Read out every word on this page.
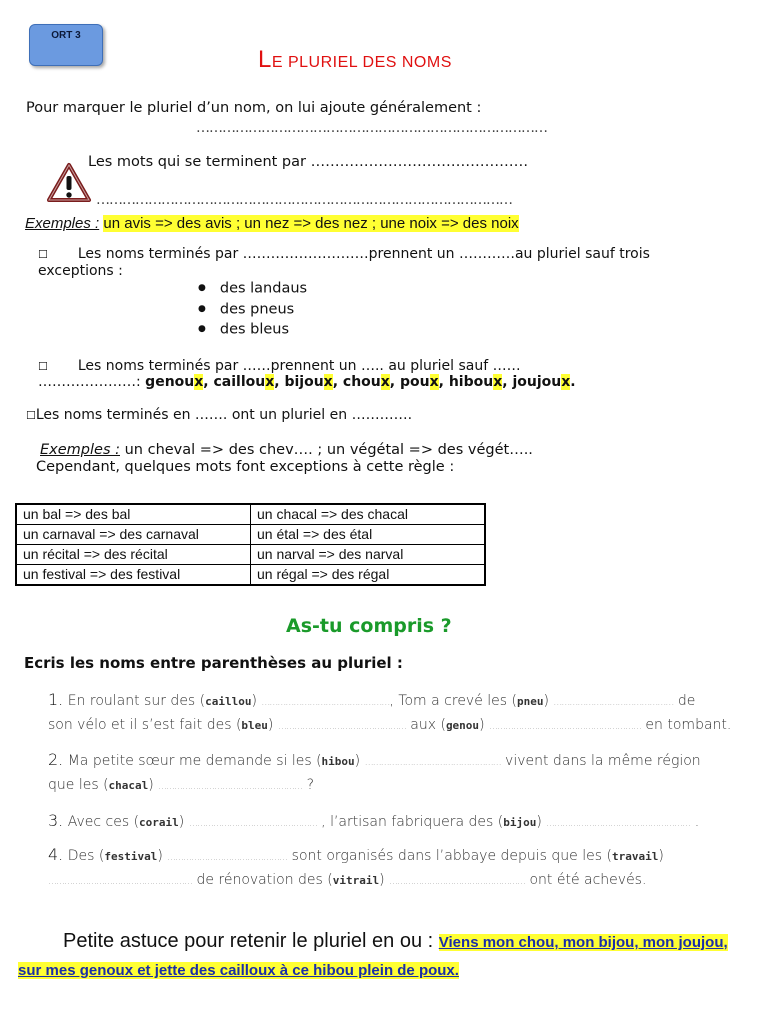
ORT 3
LE PLURIEL DES NOMS
Pour marquer le pluriel d’un nom, on lui ajoute généralement :
………………………………………………………………………
Les mots qui se terminent par ………………………………………
……………………………………………………………………………………
Exemples : un avis => des avis ; un nez => des nez ; une noix => des noix
☐ Les noms terminés par ………………………prennent un …………au pluriel sauf trois
exceptions :
● des landaus
● des pneus
● des bleus
☐ Les noms terminés par ……prennent un ….. au pluriel sauf ……
…………………: genoux, cailloux, bijoux, choux, poux, hiboux, joujoux.
☐Les noms terminés en ……. ont un pluriel en ………….
Exemples : un cheval => des chev…. ; un végétal => des végét…..
Cependant, quelques mots font exceptions à cette règle :
un bal => des bal	un chacal => des chacal
un carnaval => des carnaval	un étal => des étal
un récital => des récital	un narval => des narval
un festival => des festival	un régal => des régal
As-tu compris ?
Ecris les noms entre parenthèses au pluriel :
1. En roulant sur des (caillou) …………………………………………, Tom a crevé les (pneu) ……………………………………… de
son vélo et il s’est fait des (bleu) ………………………………………… aux (genou) ………………………………………………… en tombant.
2. Ma petite sœur me demande si les (hibou) …………………………………………… vivent dans la même région
que les (chacal) ……………………………………………… ?
3. Avec ces (corail) ………………………………………… , l’artisan fabriquera des (bijou) ……………………………………………… .
4. Des (festival) ……………………………………… sont organisés dans l’abbaye depuis que les (travail)
……………………………………………… de rénovation des (vitrail) …………………………………………… ont été achevés.
Petite astuce pour retenir le pluriel en ou : Viens mon chou, mon bijou, mon joujou, sur mes genoux et jette des cailloux à ce hibou plein de poux.
